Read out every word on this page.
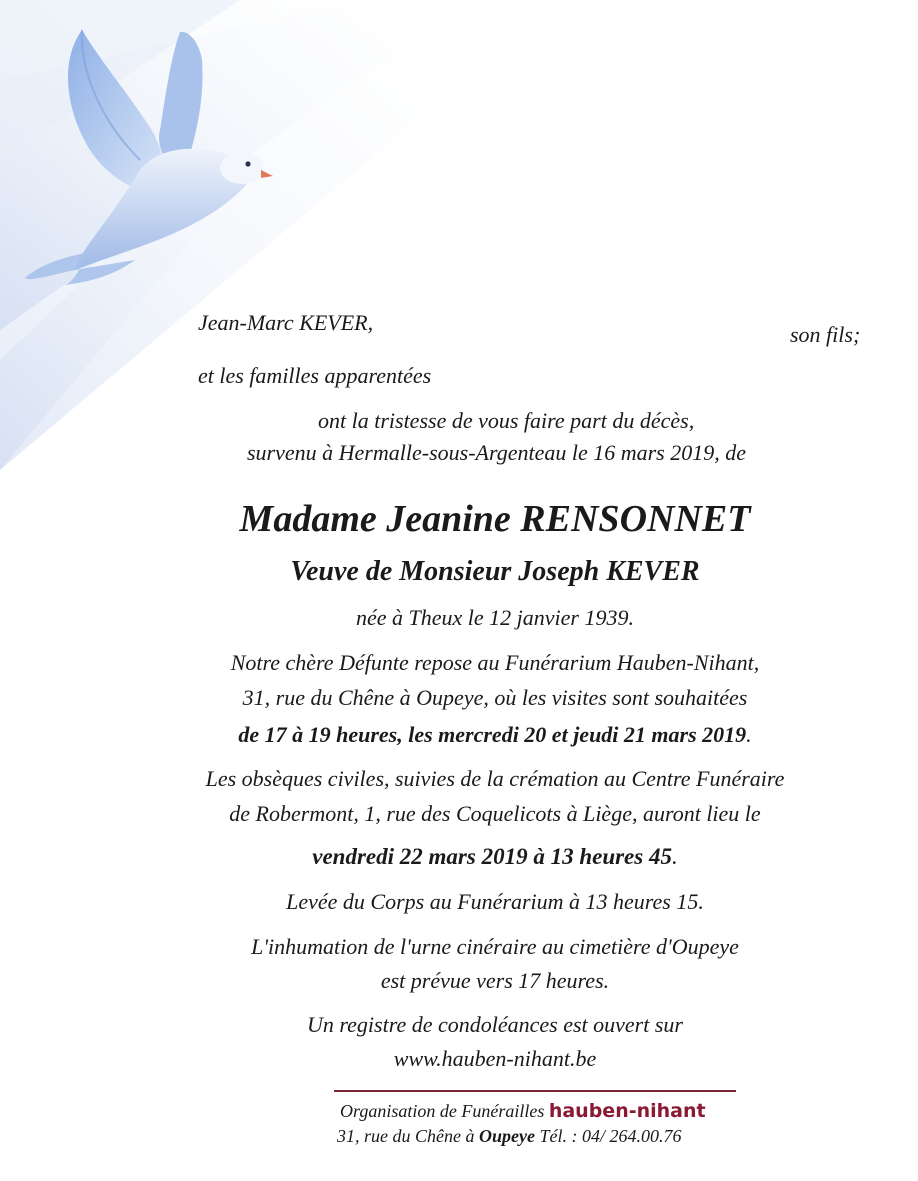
Jean-Marc KEVER,	son fils;
et les familles apparentées
ont la tristesse de vous faire part du décès,
survenu à Hermalle-sous-Argenteau le 16 mars 2019, de
Madame Jeanine RENSONNET
Veuve de Monsieur Joseph KEVER
née à Theux le 12 janvier 1939.
Notre chère Défunte repose au Funérarium Hauben-Nihant,
31, rue du Chêne à Oupeye, où les visites sont souhaitées
de 17 à 19 heures, les mercredi 20 et jeudi 21 mars 2019.
Les obsèques civiles, suivies de la crémation au Centre Funéraire
de Robermont, 1, rue des Coquelicots à Liège, auront lieu le
vendredi 22 mars 2019 à 13 heures 45.
Levée du Corps au Funérarium à 13 heures 15.
L'inhumation de l'urne cinéraire au cimetière d'Oupeye
est prévue vers 17 heures.
Un registre de condoléances est ouvert sur
www.hauben-nihant.be
Organisation de Funérailles hauben-nihant
31, rue du Chêne à Oupeye Tél. : 04/ 264.00.76
